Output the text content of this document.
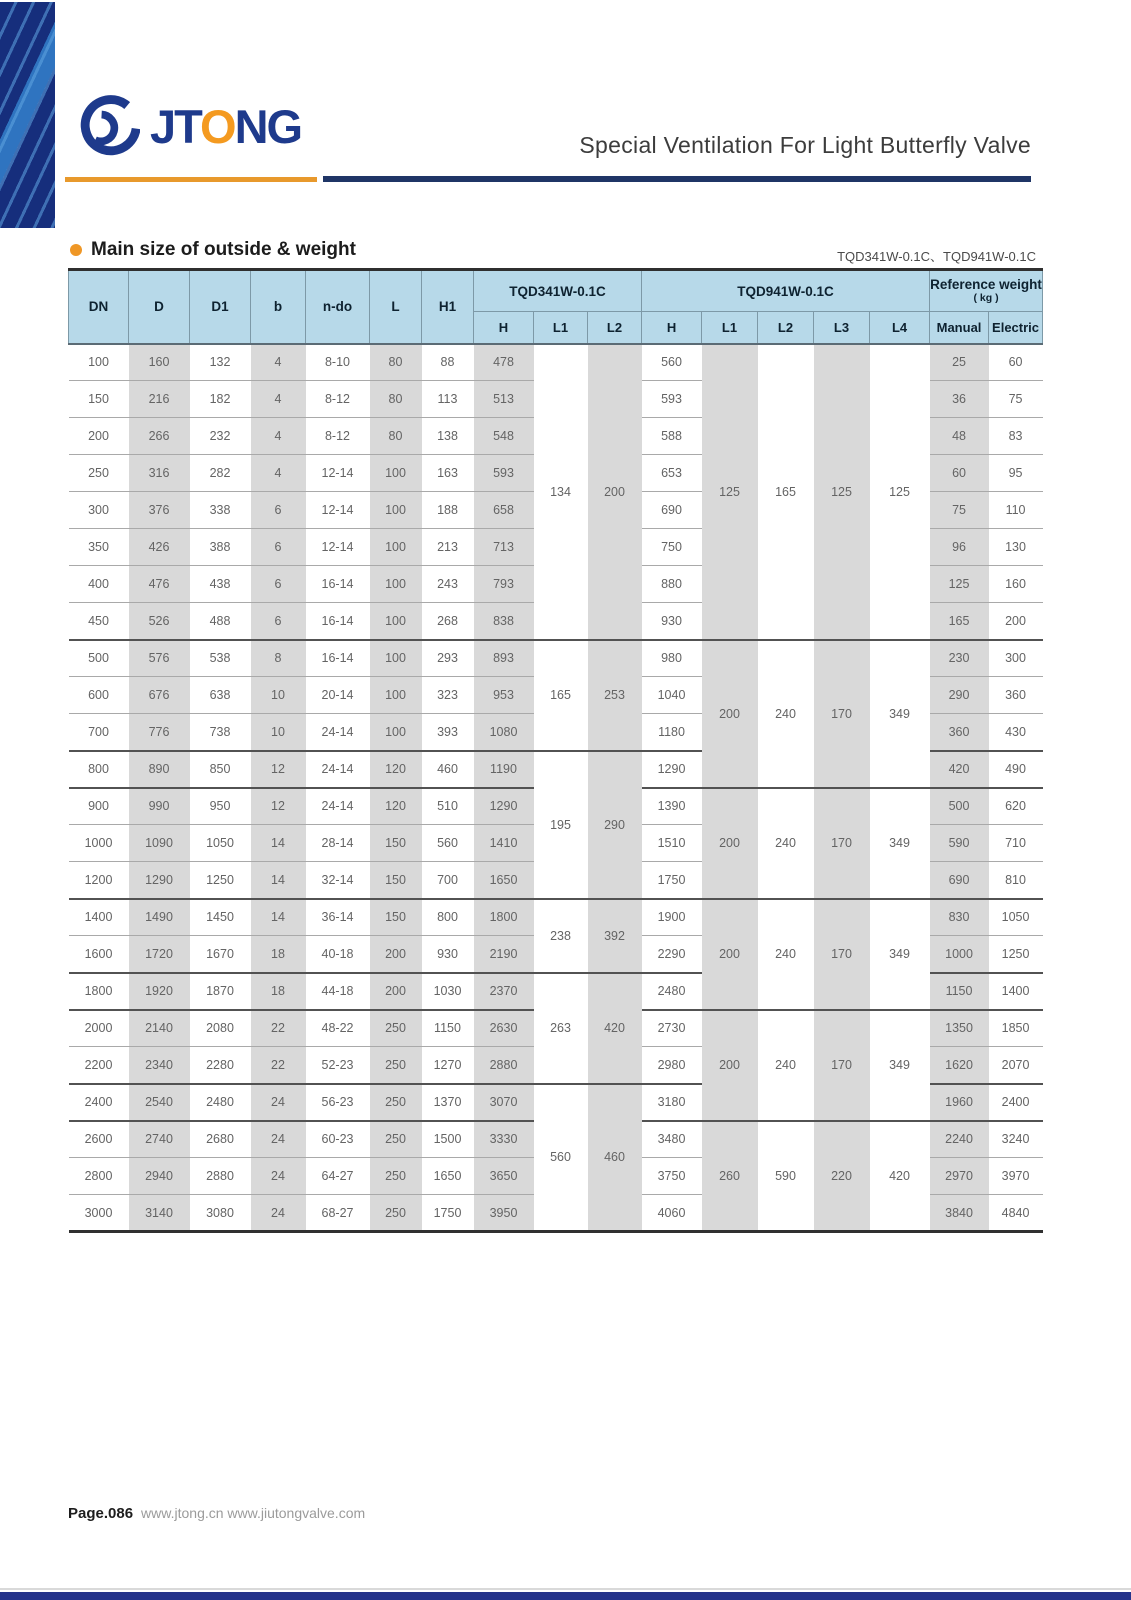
JTONG	Special Ventilation For Light Butterfly Valve
Main size of outside & weight	TQD341W-0.1C、TQD941W-0.1C
DN	D	D1	b	n-do	L	H1	TQD341W-0.1C			TQD941W-0.1C					Reference weight
( kg )	

							H	L1	L2	H	L1	L2	L3	L4	Manual	Electric
100	160	132	4	8-10	80	88	478	134	200	560	125	165	125	125	25	60
150	216	182	4	8-12	80	113	513			593					36	75
200	266	232	4	8-12	80	138	548			588					48	83
250	316	282	4	12-14	100	163	593			653					60	95
300	376	338	6	12-14	100	188	658			690					75	110
350	426	388	6	12-14	100	213	713			750					96	130
400	476	438	6	16-14	100	243	793			880					125	160
450	526	488	6	16-14	100	268	838			930					165	200
500	576	538	8	16-14	100	293	893	165	253	980	200	240	170	349	230	300
600	676	638	10	20-14	100	323	953			1040					290	360
700	776	738	10	24-14	100	393	1080			1180					360	430
800	890	850	12	24-14	120	460	1190	195	290	1290					420	490
900	990	950	12	24-14	120	510	1290			1390	200	240	170	349	500	620
1000	1090	1050	14	28-14	150	560	1410			1510					590	710
1200	1290	1250	14	32-14	150	700	1650			1750					690	810
1400	1490	1450	14	36-14	150	800	1800	238	392	1900	200	240	170	349	830	1050
1600	1720	1670	18	40-18	200	930	2190			2290					1000	1250
1800	1920	1870	18	44-18	200	1030	2370	263	420	2480					1150	1400
2000	2140	2080	22	48-22	250	1150	2630			2730	200	240	170	349	1350	1850
2200	2340	2280	22	52-23	250	1270	2880			2980					1620	2070
2400	2540	2480	24	56-23	250	1370	3070	560	460	3180					1960	2400
2600	2740	2680	24	60-23	250	1500	3330			3480	260	590	220	420	2240	3240
2800	2940	2880	24	64-27	250	1650	3650			3750					2970	3970
3000	3140	3080	24	68-27	250	1750	3950			4060					3840	4840
Page.086 www.jtong.cn www.jiutongvalve.com
